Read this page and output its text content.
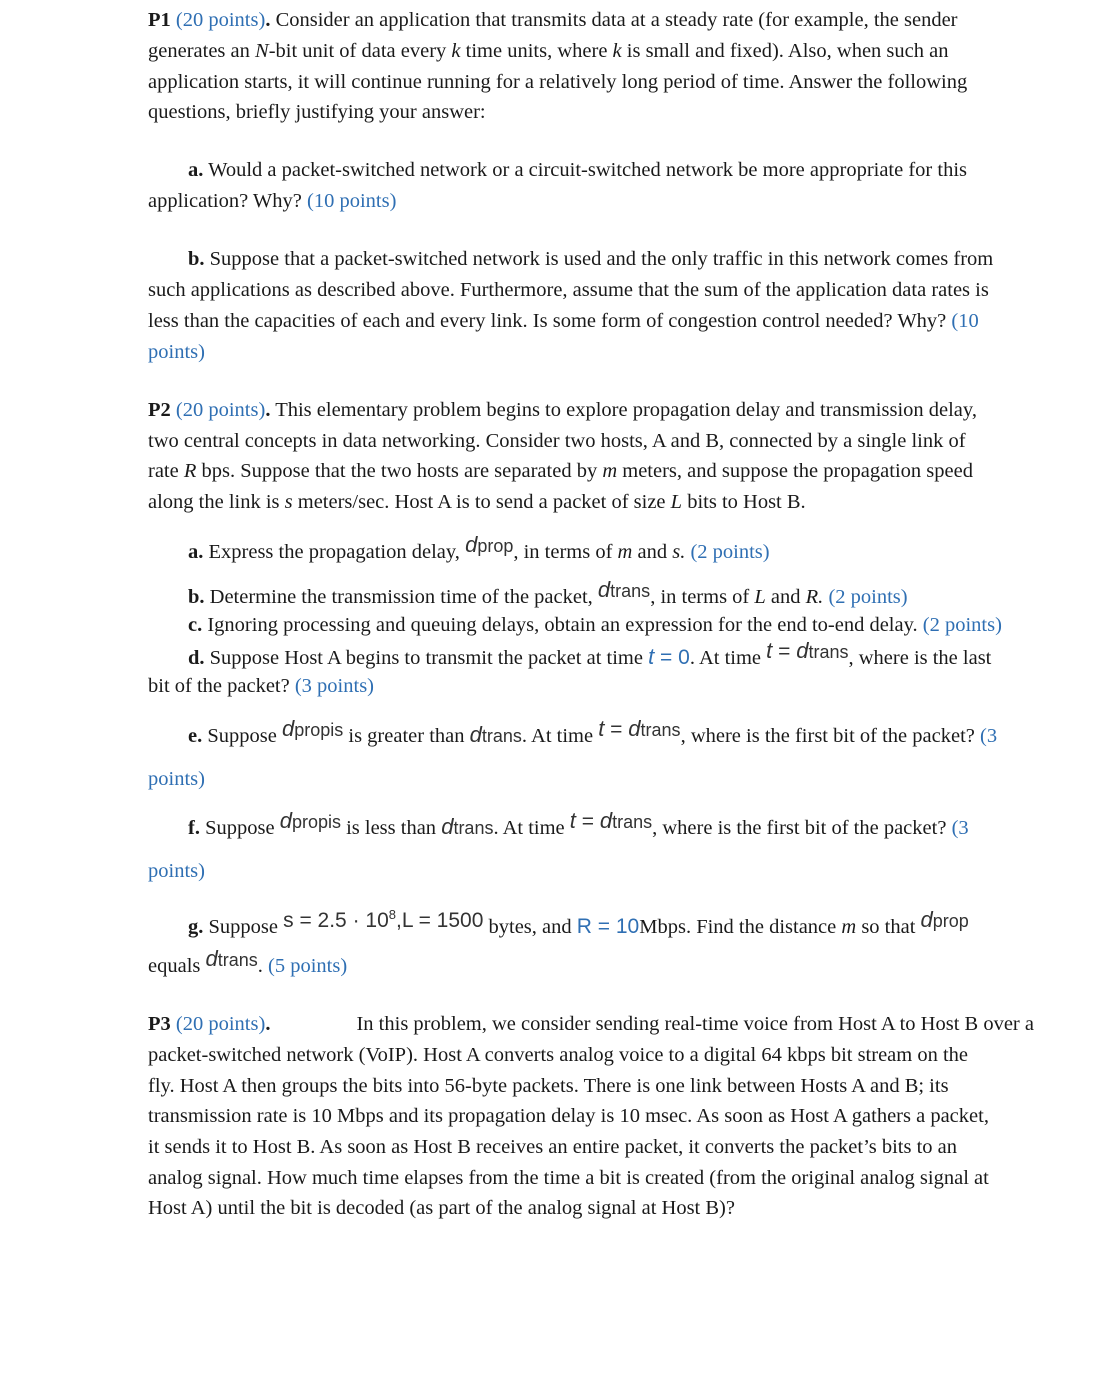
P1 (20 points). Consider an application that transmits data at a steady rate (for example, the sender
generates an N-bit unit of data every k time units, where k is small and fixed). Also, when such an
application starts, it will continue running for a relatively long period of time. Answer the following
questions, briefly justifying your answer:
a. Would a packet-switched network or a circuit-switched network be more appropriate for this
application? Why? (10 points)
b. Suppose that a packet-switched network is used and the only traffic in this network comes from
such applications as described above. Furthermore, assume that the sum of the application data rates is
less than the capacities of each and every link. Is some form of congestion control needed? Why? (10
points)
P2 (20 points). This elementary problem begins to explore propagation delay and transmission delay,
two central concepts in data networking. Consider two hosts, A and B, connected by a single link of
rate R bps. Suppose that the two hosts are separated by m meters, and suppose the propagation speed
along the link is s meters/sec. Host A is to send a packet of size L bits to Host B.
a. Express the propagation delay, dprop, in terms of m and s. (2 points)
b. Determine the transmission time of the packet, dtrans, in terms of L and R. (2 points)
c. Ignoring processing and queuing delays, obtain an expression for the end to-end delay. (2 points)
d. Suppose Host A begins to transmit the packet at time t = 0. At time t = dtrans, where is the last
bit of the packet? (3 points)
e. Suppose dpropis is greater than dtrans. At time t = dtrans, where is the first bit of the packet? (3
points)
f. Suppose dpropis is less than dtrans. At time t = dtrans, where is the first bit of the packet? (3
points)
g. Suppose $s = 2.5 \cdot 10^8,L = 1500$ bytes, and R = 10Mbps. Find the distance m so that dprop
equals dtrans. (5 points)
P3 (20 points).	In this problem, we consider sending real-time voice from Host A to Host B over a
packet-switched network (VoIP). Host A converts analog voice to a digital 64 kbps bit stream on the
fly. Host A then groups the bits into 56-byte packets. There is one link between Hosts A and B; its
transmission rate is 10 Mbps and its propagation delay is 10 msec. As soon as Host A gathers a packet,
it sends it to Host B. As soon as Host B receives an entire packet, it converts the packet’s bits to an
analog signal. How much time elapses from the time a bit is created (from the original analog signal at
Host A) until the bit is decoded (as part of the analog signal at Host B)?
